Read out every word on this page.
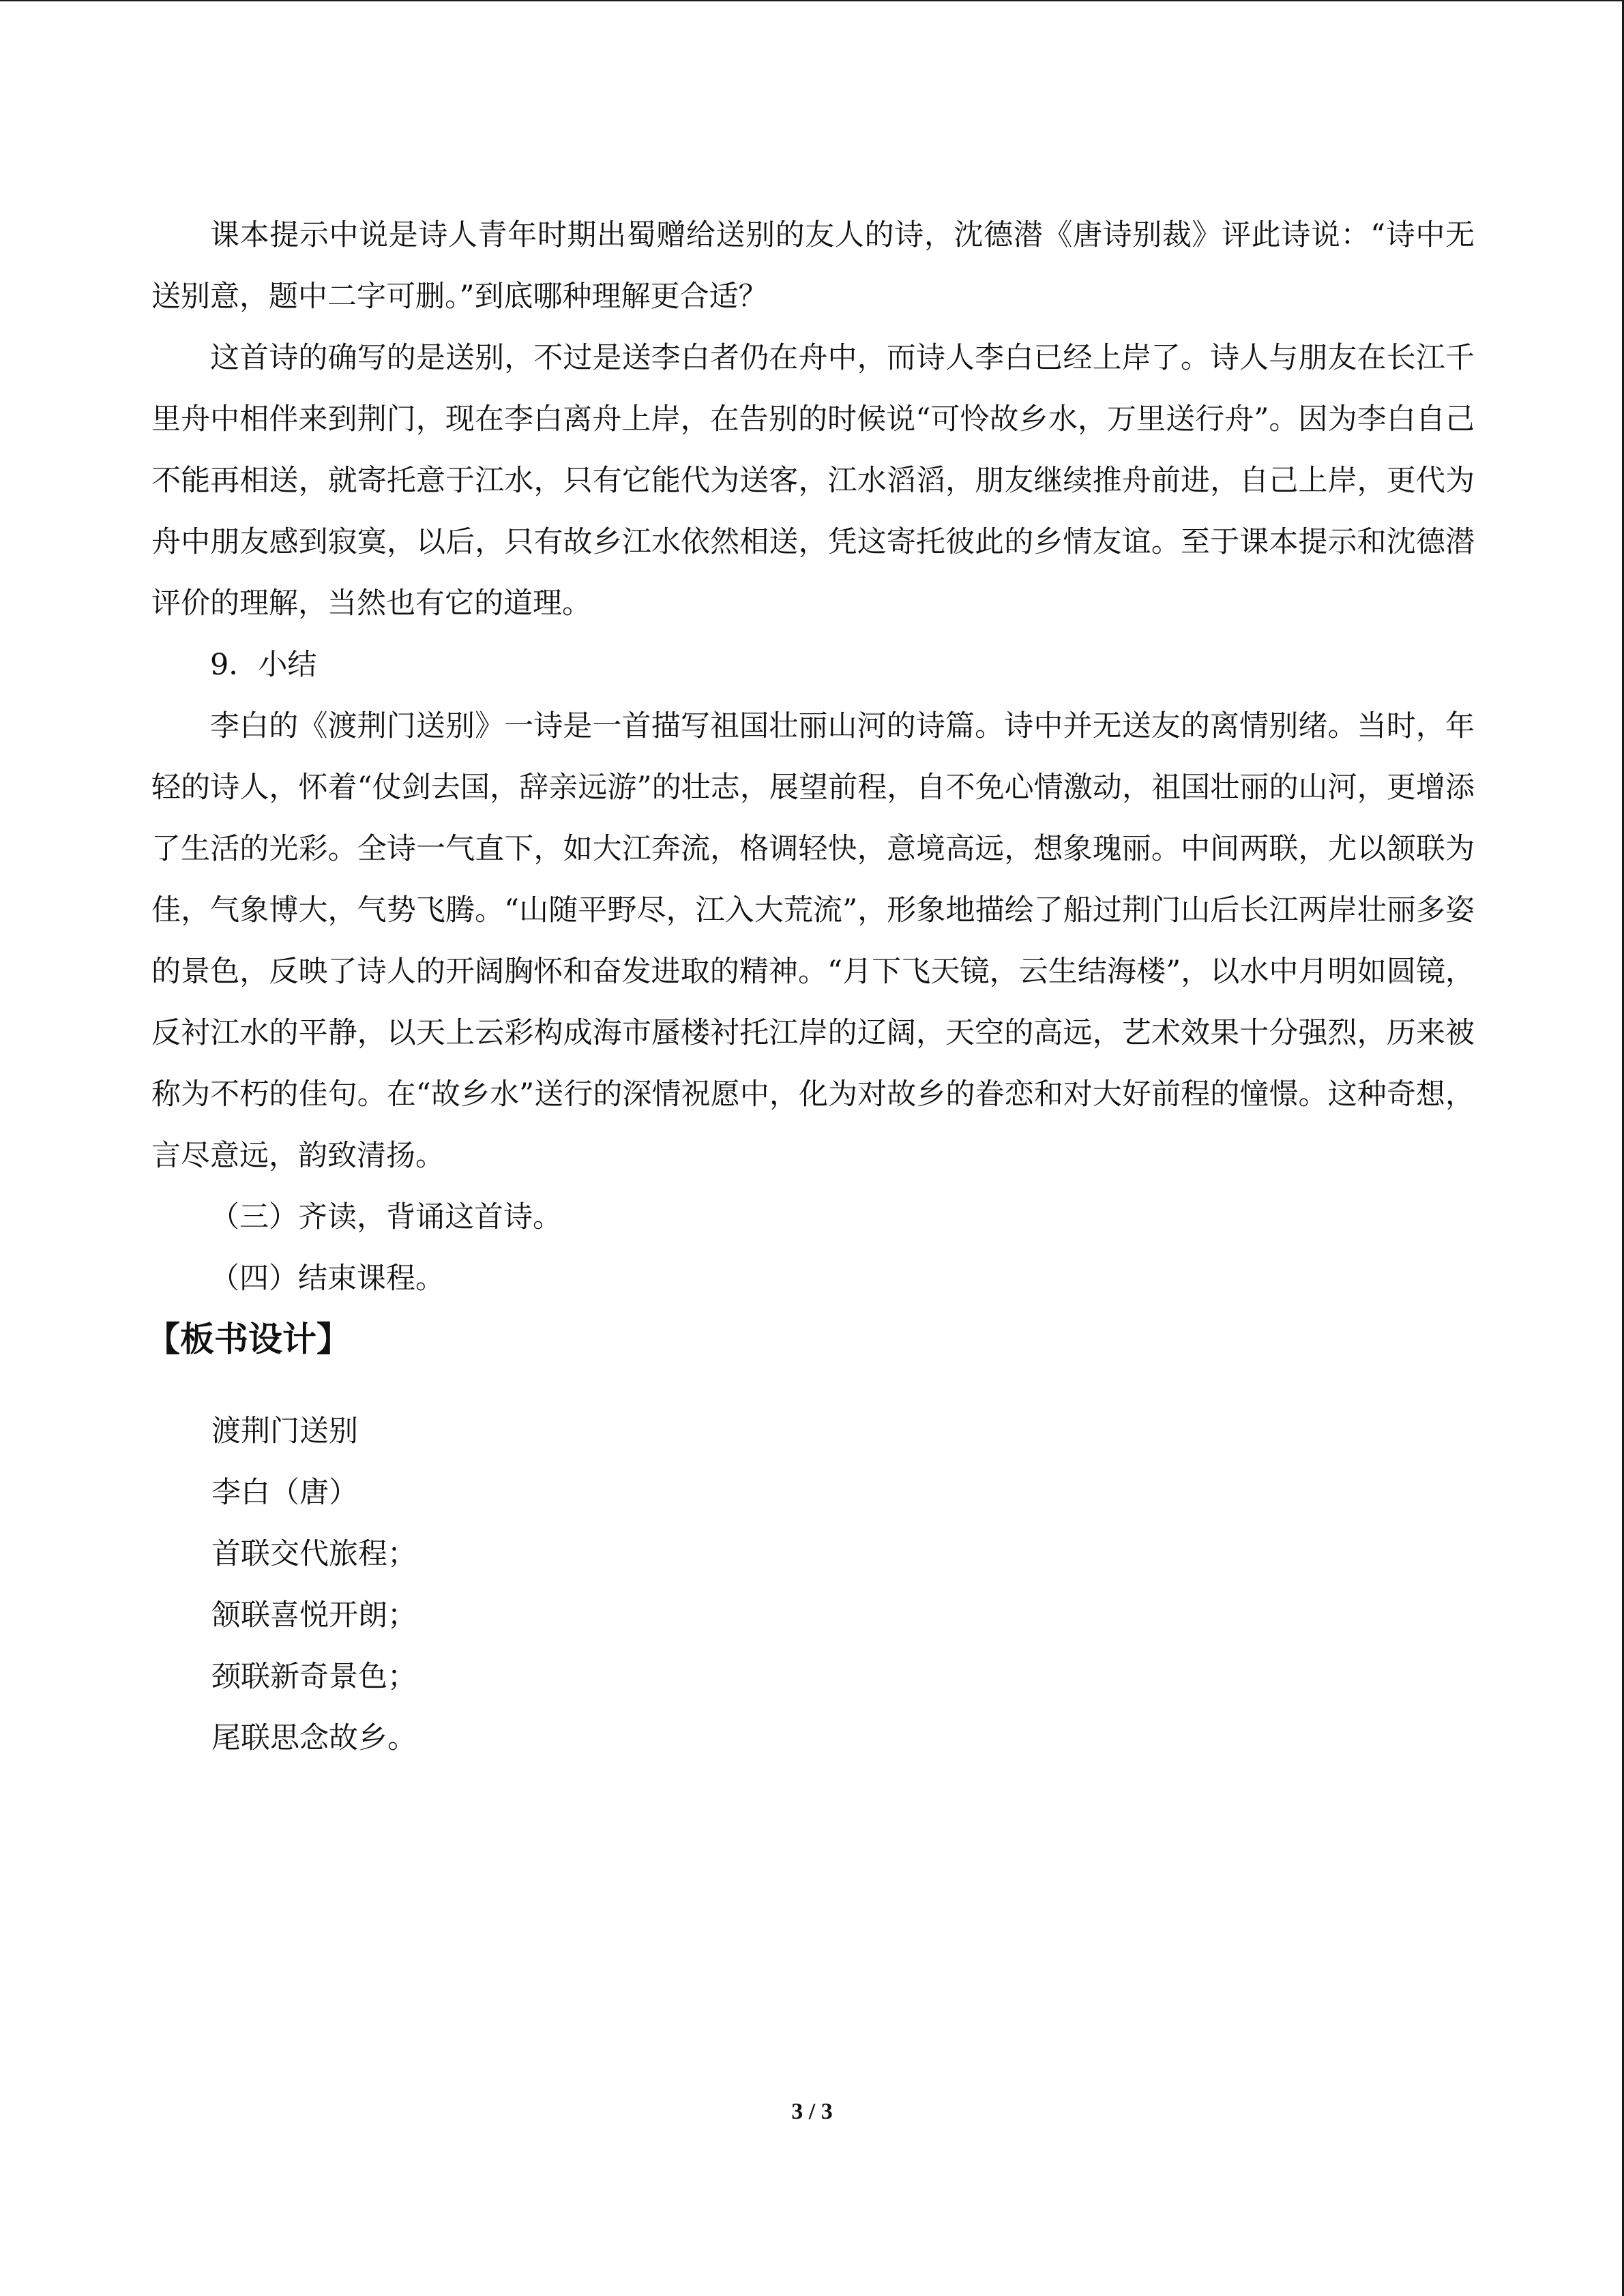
课本提示中说是诗人青年时期出蜀赠给送别的友人的诗，沈德潜《唐诗别裁》评此诗说：“诗中无送别意，题中二字可删。”到底哪种理解更合适？

这首诗的确写的是送别，不过是送李白者仍在舟中，而诗人李白已经上岸了。诗人与朋友在长江千里舟中相伴来到荆门，现在李白离舟上岸，在告别的时候说“可怜故乡水，万里送行舟”。因为李白自己不能再相送，就寄托意于江水，只有它能代为送客，江水滔滔，朋友继续推舟前进，自己上岸，更代为舟中朋友感到寂寞，以后，只有故乡江水依然相送，凭这寄托彼此的乡情友谊。至于课本提示和沈德潜评价的理解，当然也有它的道理。

9．小结

李白的《渡荆门送别》一诗是一首描写祖国壮丽山河的诗篇。诗中并无送友的离情别绪。当时，年轻的诗人，怀着“仗剑去国，辞亲远游”的壮志，展望前程，自不免心情激动，祖国壮丽的山河，更增添了生活的光彩。全诗一气直下，如大江奔流，格调轻快，意境高远，想象瑰丽。中间两联，尤以颔联为佳，气象博大，气势飞腾。“山随平野尽，江入大荒流”，形象地描绘了船过荆门山后长江两岸壮丽多姿的景色，反映了诗人的开阔胸怀和奋发进取的精神。“月下飞天镜，云生结海楼”，以水中月明如圆镜，反衬江水的平静，以天上云彩构成海市蜃楼衬托江岸的辽阔，天空的高远，艺术效果十分强烈，历来被称为不朽的佳句。在“故乡水”送行的深情祝愿中，化为对故乡的眷恋和对大好前程的憧憬。这种奇想，言尽意远，韵致清扬。

（三）齐读，背诵这首诗。

（四）结束课程。

【板书设计】

渡荆门送别

李白（唐）

首联交代旅程；

颔联喜悦开朗；

颈联新奇景色；

尾联思念故乡。

3 / 3
